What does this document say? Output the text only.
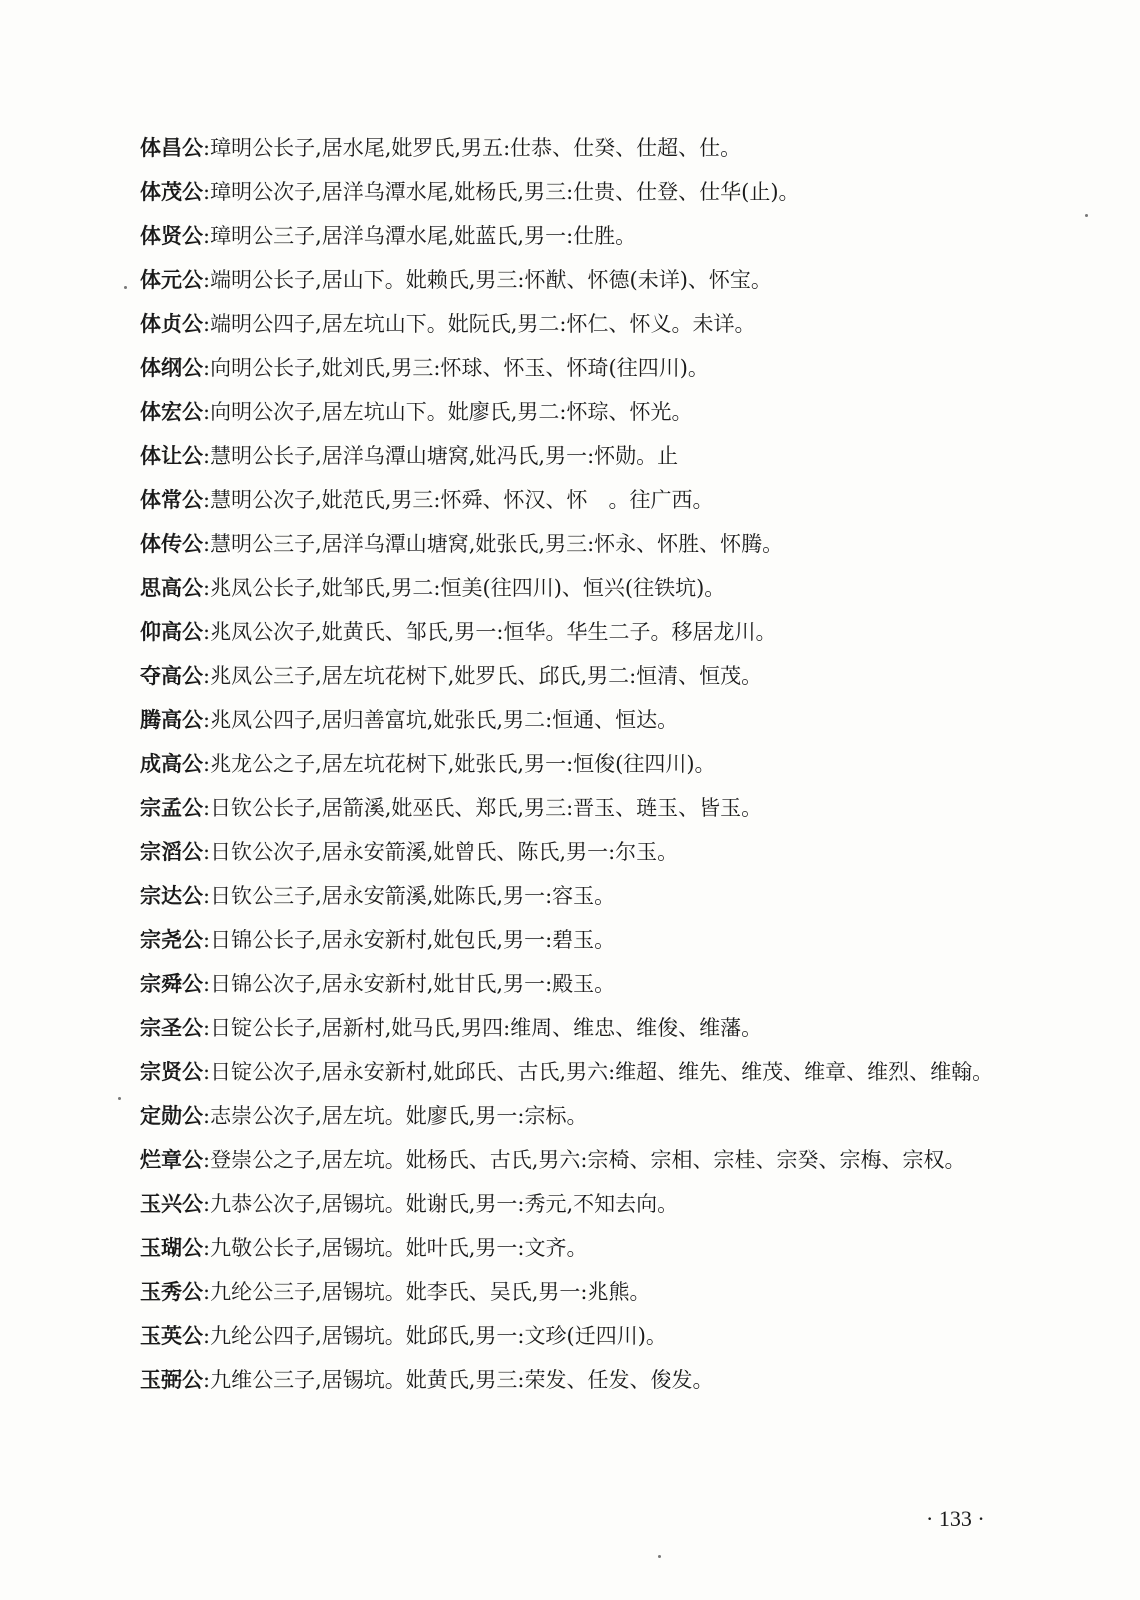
体昌公:璋明公长子,居水尾,妣罗氏,男五:仕恭、仕癸、仕超、仕。
体茂公:璋明公次子,居洋乌潭水尾,妣杨氏,男三:仕贵、仕登、仕华(止)。
体贤公:璋明公三子,居洋乌潭水尾,妣蓝氏,男一:仕胜。
体元公:端明公长子,居山下。妣赖氏,男三:怀猷、怀德(未详)、怀宝。
体贞公:端明公四子,居左坑山下。妣阮氏,男二:怀仁、怀义。未详。
体纲公:向明公长子,妣刘氏,男三:怀球、怀玉、怀琦(往四川)。
体宏公:向明公次子,居左坑山下。妣廖氏,男二:怀琮、怀光。
体让公:慧明公长子,居洋乌潭山塘窝,妣冯氏,男一:怀勋。止
体常公:慧明公次子,妣范氏,男三:怀舜、怀汉、怀　。往广西。
体传公:慧明公三子,居洋乌潭山塘窝,妣张氏,男三:怀永、怀胜、怀腾。
思高公:兆凤公长子,妣邹氏,男二:恒美(往四川)、恒兴(往铁坑)。
仰高公:兆凤公次子,妣黄氏、邹氏,男一:恒华。华生二子。移居龙川。
夺高公:兆凤公三子,居左坑花树下,妣罗氏、邱氏,男二:恒清、恒茂。
腾高公:兆凤公四子,居归善富坑,妣张氏,男二:恒通、恒达。
成高公:兆龙公之子,居左坑花树下,妣张氏,男一:恒俊(往四川)。
宗孟公:日钦公长子,居箭溪,妣巫氏、郑氏,男三:晋玉、琏玉、皆玉。
宗滔公:日钦公次子,居永安箭溪,妣曾氏、陈氏,男一:尔玉。
宗达公:日钦公三子,居永安箭溪,妣陈氏,男一:容玉。
宗尧公:日锦公长子,居永安新村,妣包氏,男一:碧玉。
宗舜公:日锦公次子,居永安新村,妣甘氏,男一:殿玉。
宗圣公:日锭公长子,居新村,妣马氏,男四:维周、维忠、维俊、维藩。
宗贤公:日锭公次子,居永安新村,妣邱氏、古氏,男六:维超、维先、维茂、维章、维烈、维翰。
定勋公:志崇公次子,居左坑。妣廖氏,男一:宗标。
烂章公:登崇公之子,居左坑。妣杨氏、古氏,男六:宗椅、宗相、宗桂、宗癸、宗梅、宗权。
玉兴公:九恭公次子,居锡坑。妣谢氏,男一:秀元,不知去向。
玉瑚公:九敬公长子,居锡坑。妣叶氏,男一:文齐。
玉秀公:九纶公三子,居锡坑。妣李氏、吴氏,男一:兆熊。
玉英公:九纶公四子,居锡坑。妣邱氏,男一:文珍(迁四川)。
玉弼公:九维公三子,居锡坑。妣黄氏,男三:荣发、任发、俊发。
· 133 ·
